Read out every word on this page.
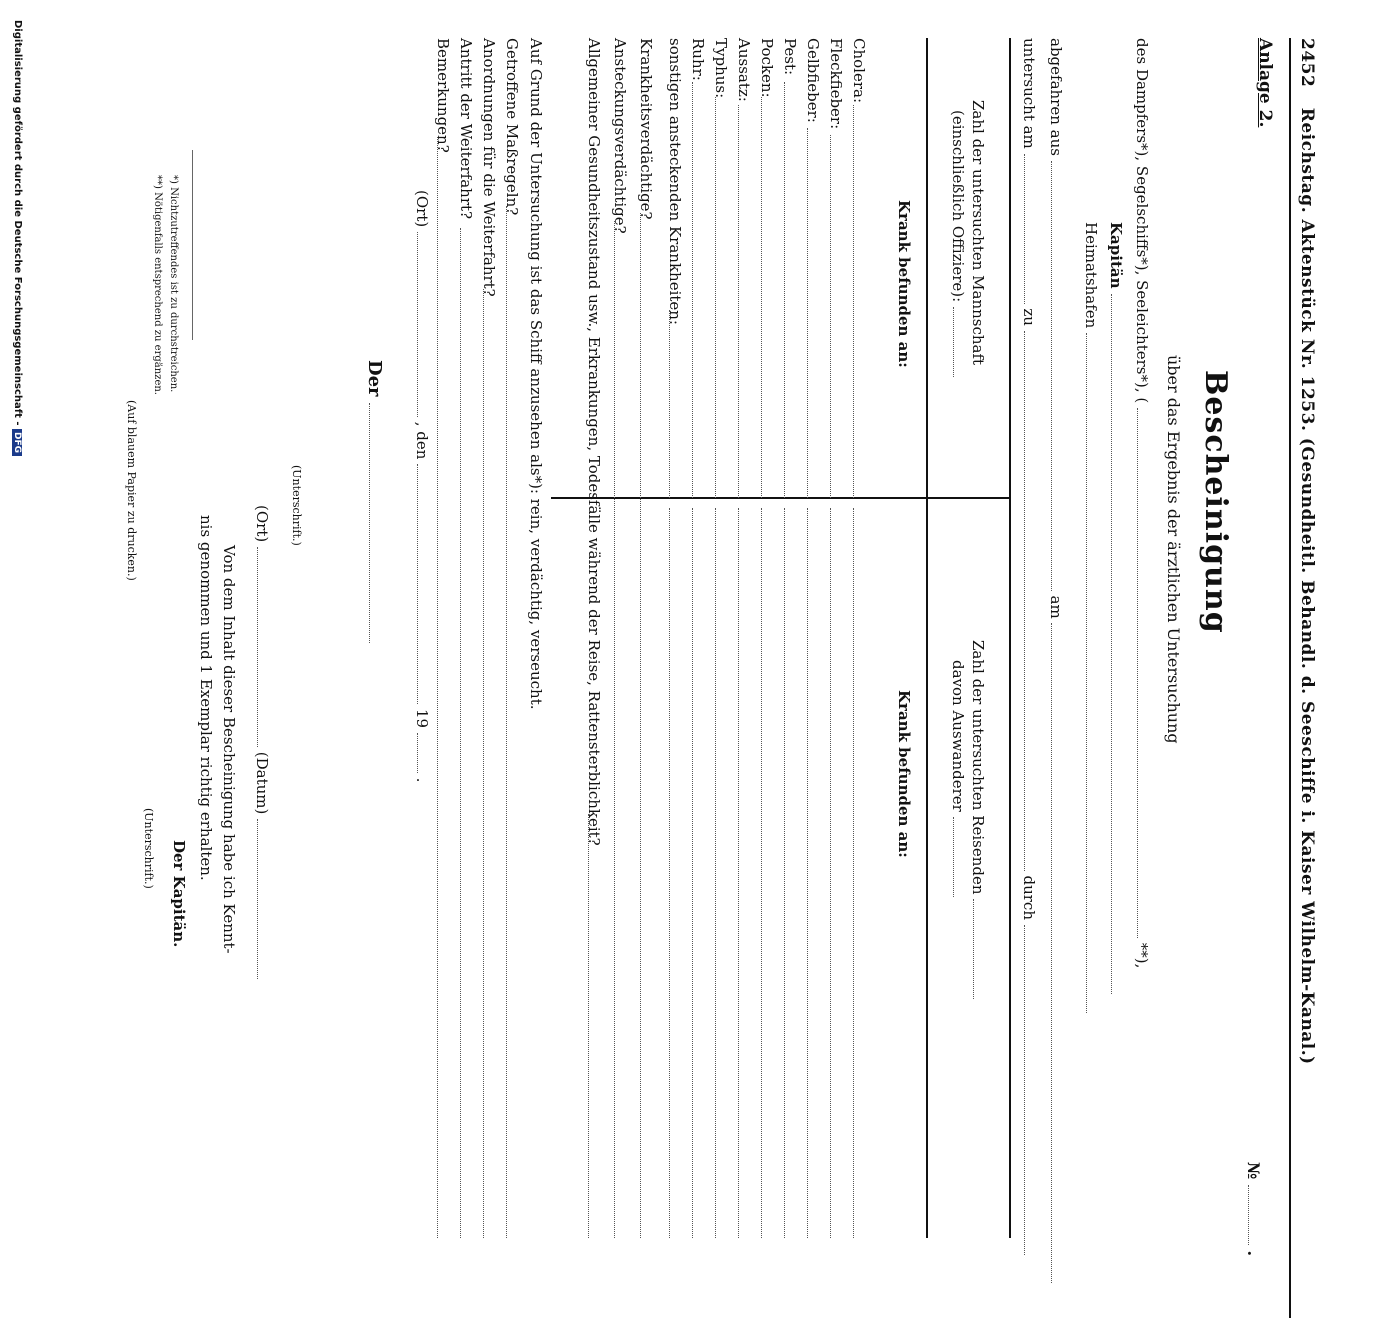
2452 Reichstag. Aktenstück Nr. 1253. (Gesundheitl. Behandl. d. Seeschiffe i. Kaiser Wilhelm-Kanal.)
Anlage 2.
№  .
Bescheinigung
über das Ergebnis der ärztlichen Untersuchung
des Dampfers*), Segelschiffs*), Seeleichters*), (  **),
Kapitän
Heimatshafen
abgefahren aus  am
untersucht am  zu  durch
Zahl der untersuchten Mannschaft
(einschließlich Offiziere):
Zahl der untersuchten Reisenden
davon Auswanderer
Krank befunden an:
Krank befunden an:
Cholera:
Fleckfieber:
Gelbfieber:
Pest:
Pocken:
Aussatz:
Typhus:
Ruhr:
sonstigen ansteckenden Krankheiten:
Krankheitsverdächtige?
Ansteckungsverdächtige?
Allgemeiner Gesundheitszustand usw., Erkrankungen, Todesfälle während der Reise, Rattensterblichkeit?
Auf Grund der Untersuchung ist das Schiff anzusehen als*): rein, verdächtig, verseucht.
Getroffene Maßregeln?
Anordnungen für die Weiterfahrt?
Antritt der Weiterfahrt?
Bemerkungen?
(Ort)  , den  19  .
Der
(Unterschrift.)
(Ort)  (Datum)
Von dem Inhalt dieser Bescheinigung habe ich Kennt-
nis genommen und 1 Exemplar richtig erhalten.
Der Kapitän.
(Unterschrift.)
*) Nichtzutreffendes ist zu durchstreichen.
**) Nötigenfalls entsprechend zu ergänzen.
(Auf blauem Papier zu drucken.)
Digitalisierung gefördert durch die Deutsche Forschungsgemeinschaft - DFG
